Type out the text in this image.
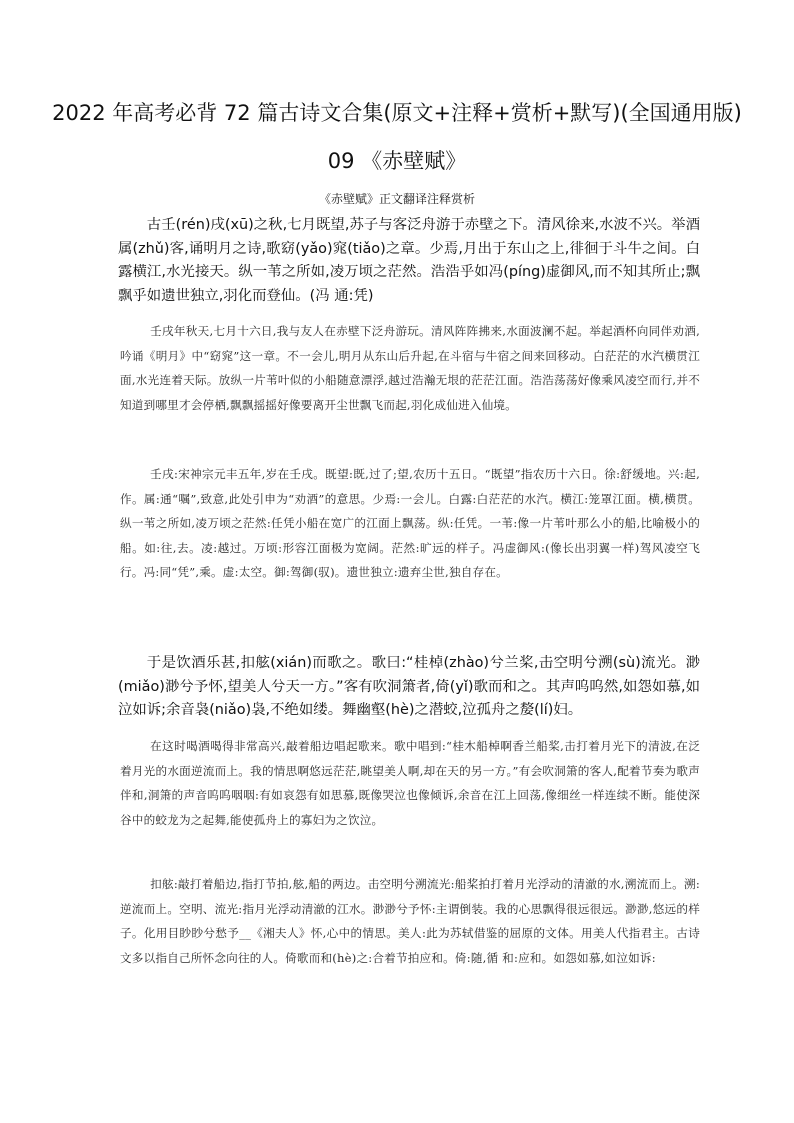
2022 年高考必背 72 篇古诗文合集(原文+注释+赏析+默写)(全国通用版)
09 《赤壁赋》
《赤壁赋》正文翻译注释赏析

古壬(rén)戌(xū)之秋,七月既望,苏子与客泛舟游于赤壁之下。清风徐来,水波不兴。举酒属(zhǔ)客,诵明月之诗,歌窈(yǎo)窕(tiǎo)之章。少焉,月出于东山之上,徘徊于斗牛之间。白露横江,水光接天。纵一苇之所如,凌万顷之茫然。浩浩乎如冯(píng)虚御风,而不知其所止;飘飘乎如遗世独立,羽化而登仙。(冯 通:凭)

壬戌年秋天,七月十六日,我与友人在赤壁下泛舟游玩。清风阵阵拂来,水面波澜不起。举起酒杯向同伴劝酒,吟诵《明月》中“窈窕”这一章。不一会儿,明月从东山后升起,在斗宿与牛宿之间来回移动。白茫茫的水汽横贯江面,水光连着天际。放纵一片苇叶似的小船随意漂浮,越过浩瀚无垠的茫茫江面。浩浩荡荡好像乘风凌空而行,并不知道到哪里才会停栖,飘飘摇摇好像要离开尘世飘飞而起,羽化成仙进入仙境。

壬戌:宋神宗元丰五年,岁在壬戌。既望:既,过了;望,农历十五日。“既望”指农历十六日。徐:舒缓地。兴:起,作。属:通“嘱”,致意,此处引申为“劝酒”的意思。少焉:一会儿。白露:白茫茫的水汽。横江:笼罩江面。横,横贯。纵一苇之所如,凌万顷之茫然:任凭小船在宽广的江面上飘荡。纵:任凭。一苇:像一片苇叶那么小的船,比喻极小的船。如:往,去。凌:越过。万顷:形容江面极为宽阔。茫然:旷远的样子。冯虚御风:(像长出羽翼一样)驾风凌空飞行。冯:同“凭”,乘。虚:太空。御:驾御(驭)。遗世独立:遗弃尘世,独自存在。

于是饮酒乐甚,扣舷(xián)而歌之。歌曰:“桂棹(zhào)兮兰桨,击空明兮溯(sù)流光。渺(miǎo)渺兮予怀,望美人兮天一方。”客有吹洞箫者,倚(yǐ)歌而和之。其声呜呜然,如怨如慕,如泣如诉;余音袅(niǎo)袅,不绝如缕。舞幽壑(hè)之潜蛟,泣孤舟之嫠(lí)妇。

在这时喝酒喝得非常高兴,敲着船边唱起歌来。歌中唱到:“桂木船棹啊香兰船桨,击打着月光下的清波,在泛着月光的水面逆流而上。我的情思啊悠远茫茫,眺望美人啊,却在天的另一方。”有会吹洞箫的客人,配着节奏为歌声伴和,洞箫的声音呜呜咽咽:有如哀怨有如思慕,既像哭泣也像倾诉,余音在江上回荡,像细丝一样连续不断。能使深谷中的蛟龙为之起舞,能使孤舟上的寡妇为之饮泣。

扣舷:敲打着船边,指打节拍,舷,船的两边。击空明兮溯流光:船桨拍打着月光浮动的清澈的水,溯流而上。溯:逆流而上。空明、流光:指月光浮动清澈的江水。渺渺兮予怀:主谓倒装。我的心思飘得很远很远。渺渺,悠远的样子。化用目眇眇兮愁予__《湘夫人》怀,心中的情思。美人:此为苏轼借鉴的屈原的文体。用美人代指君主。古诗文多以指自己所怀念向往的人。倚歌而和(hè)之:合着节拍应和。倚:随,循 和:应和。如怨如慕,如泣如诉:
